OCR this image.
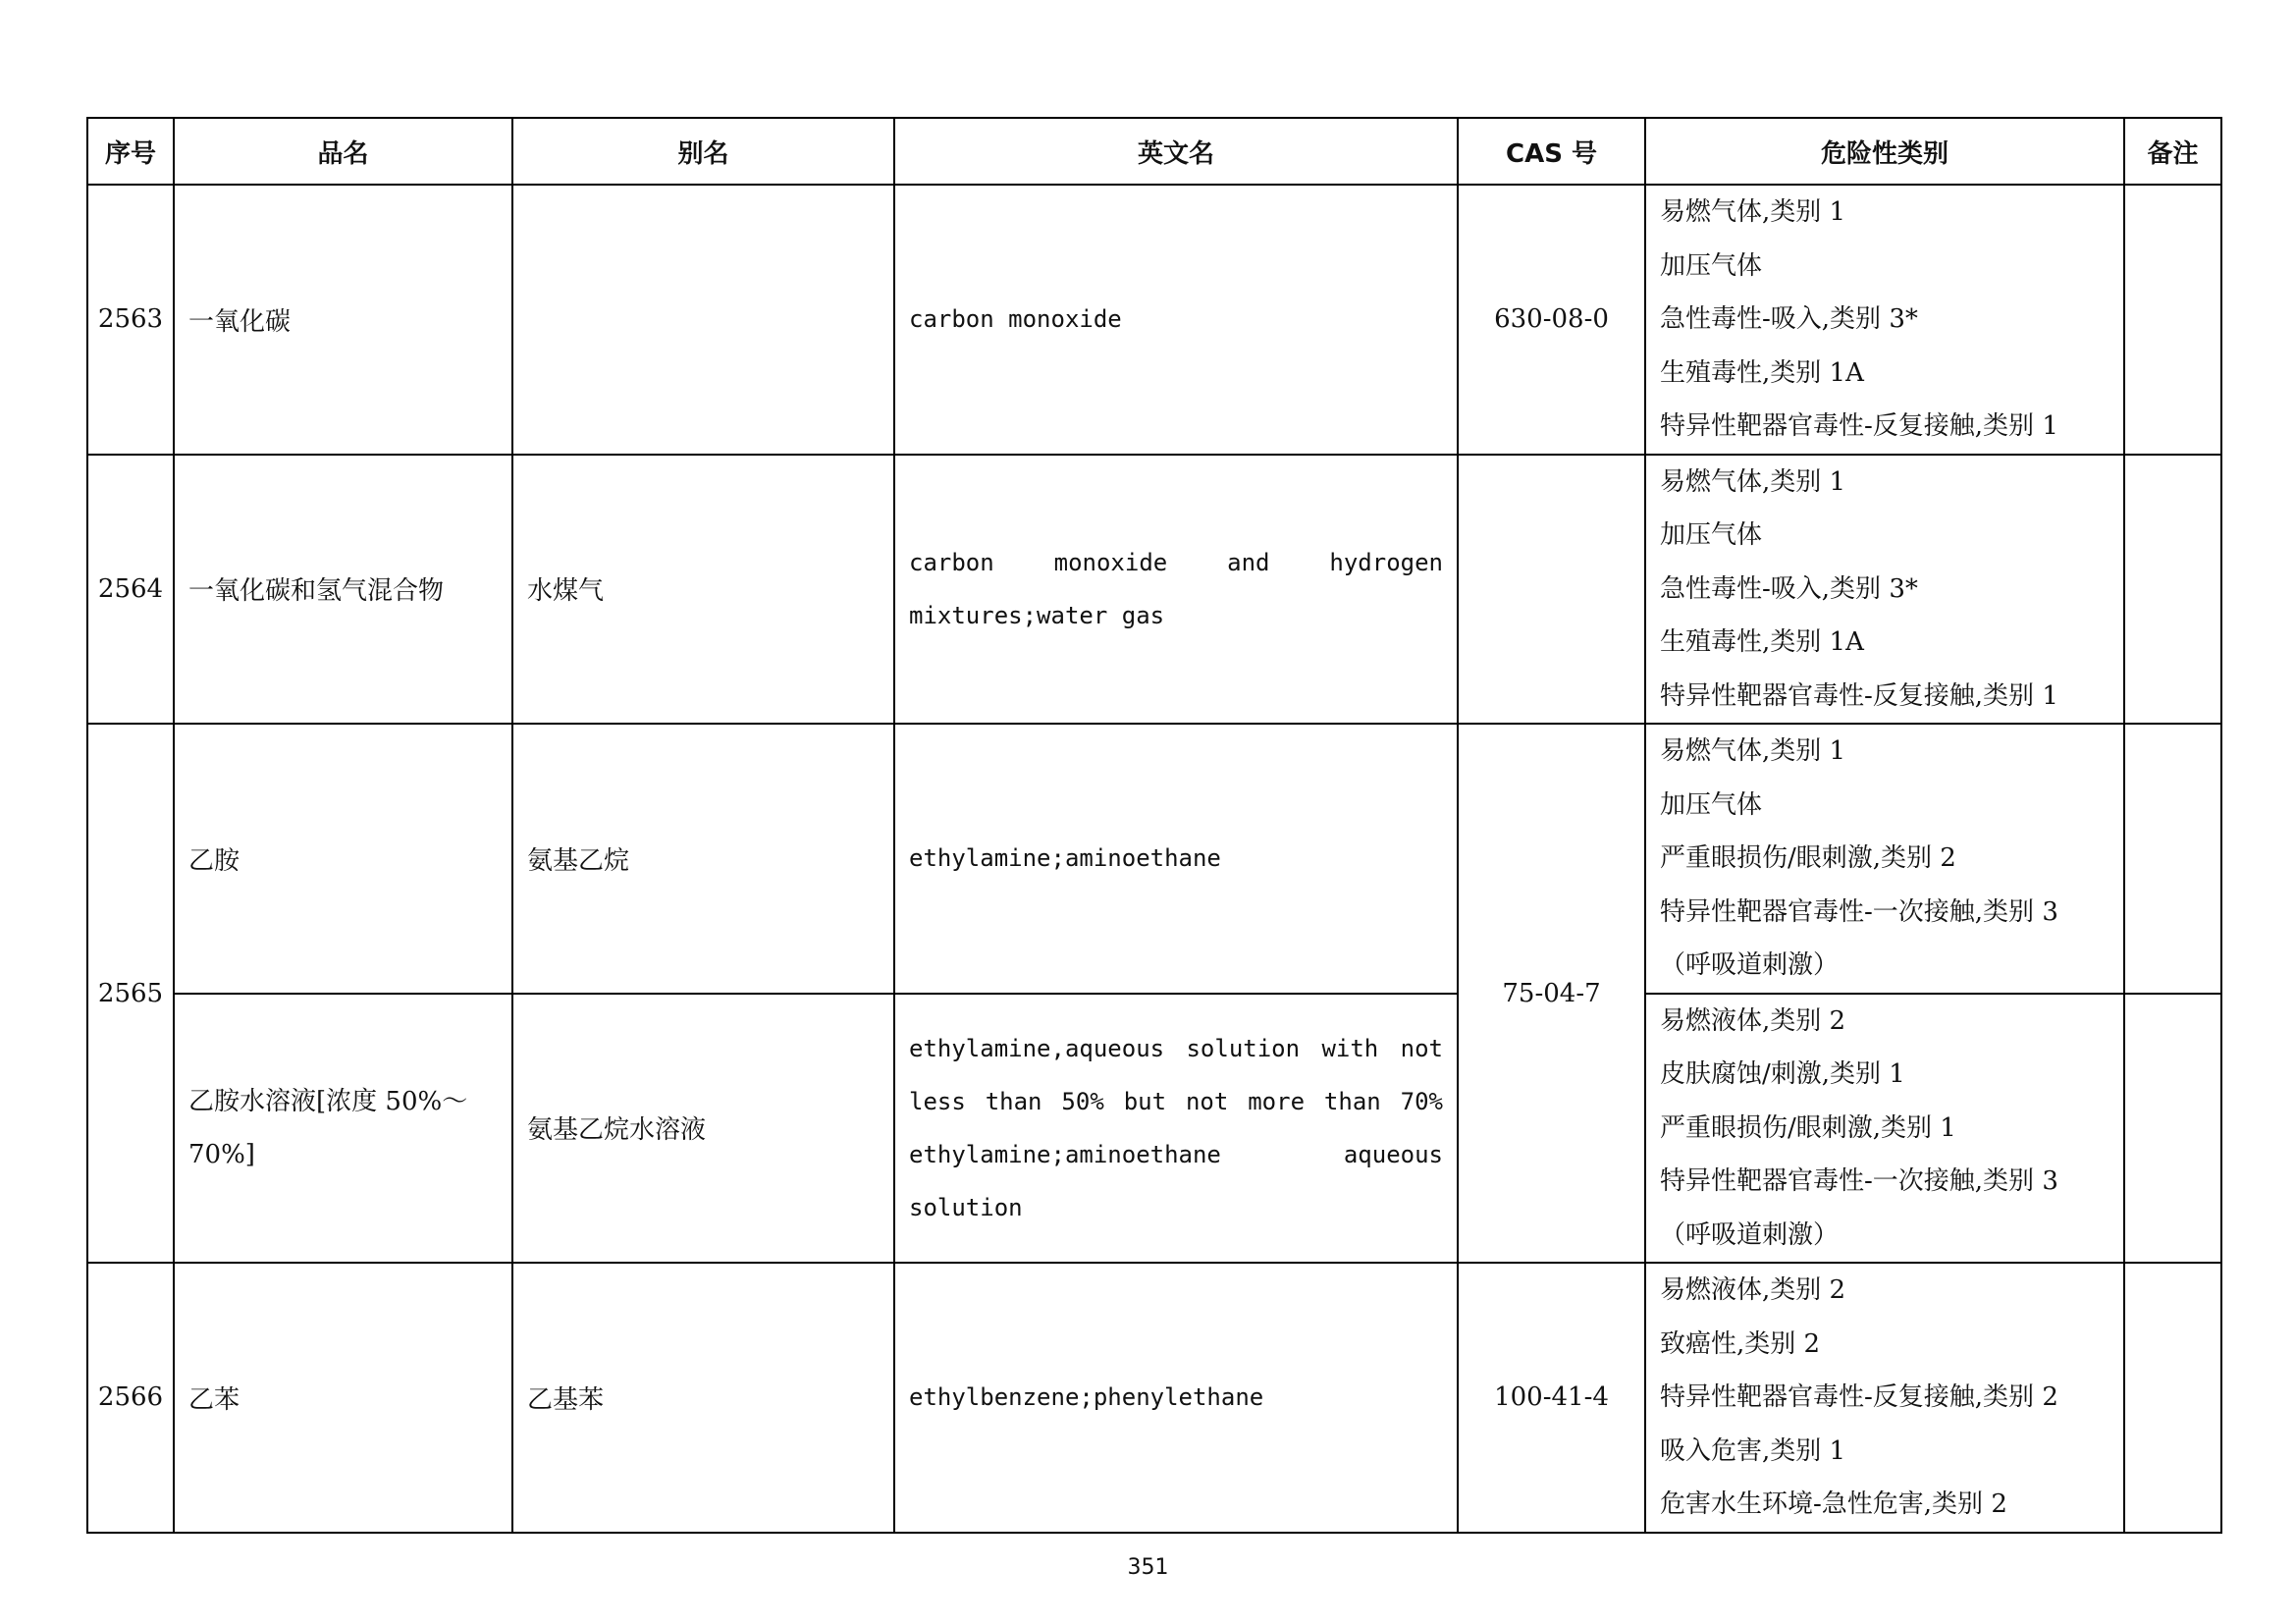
序号	品名	别名	英文名	CAS 号	危险性类别	备注
2563	一氧化碳		carbon monoxide	630-08-0	易燃气体,类别 1
加压气体
急性毒性-吸入,类别 3*
生殖毒性,类别 1A
特异性靶器官毒性-反复接触,类别 1	

2564	一氧化碳和氢气混合物	水煤气	carbon monoxide and hydrogen mixtures;water gas		易燃气体,类别 1
加压气体
急性毒性-吸入,类别 3*
生殖毒性,类别 1A
特异性靶器官毒性-反复接触,类别 1	

2565	乙胺	氨基乙烷	ethylamine;aminoethane	75-04-7	易燃气体,类别 1
加压气体
严重眼损伤/眼刺激,类别 2
特异性靶器官毒性-一次接触,类别 3
（呼吸道刺激）	

	乙胺水溶液[浓度 50%～70%]	氨基乙烷水溶液	ethylamine,aqueous solution with not less than 50% but not more than 70% ethylamine;aminoethane aqueous solution		易燃液体,类别 2
皮肤腐蚀/刺激,类别 1
严重眼损伤/眼刺激,类别 1
特异性靶器官毒性-一次接触,类别 3
（呼吸道刺激）	

2566	乙苯	乙基苯	ethylbenzene;phenylethane	100-41-4	易燃液体,类别 2
致癌性,类别 2
特异性靶器官毒性-反复接触,类别 2
吸入危害,类别 1
危害水生环境-急性危害,类别 2	

351
